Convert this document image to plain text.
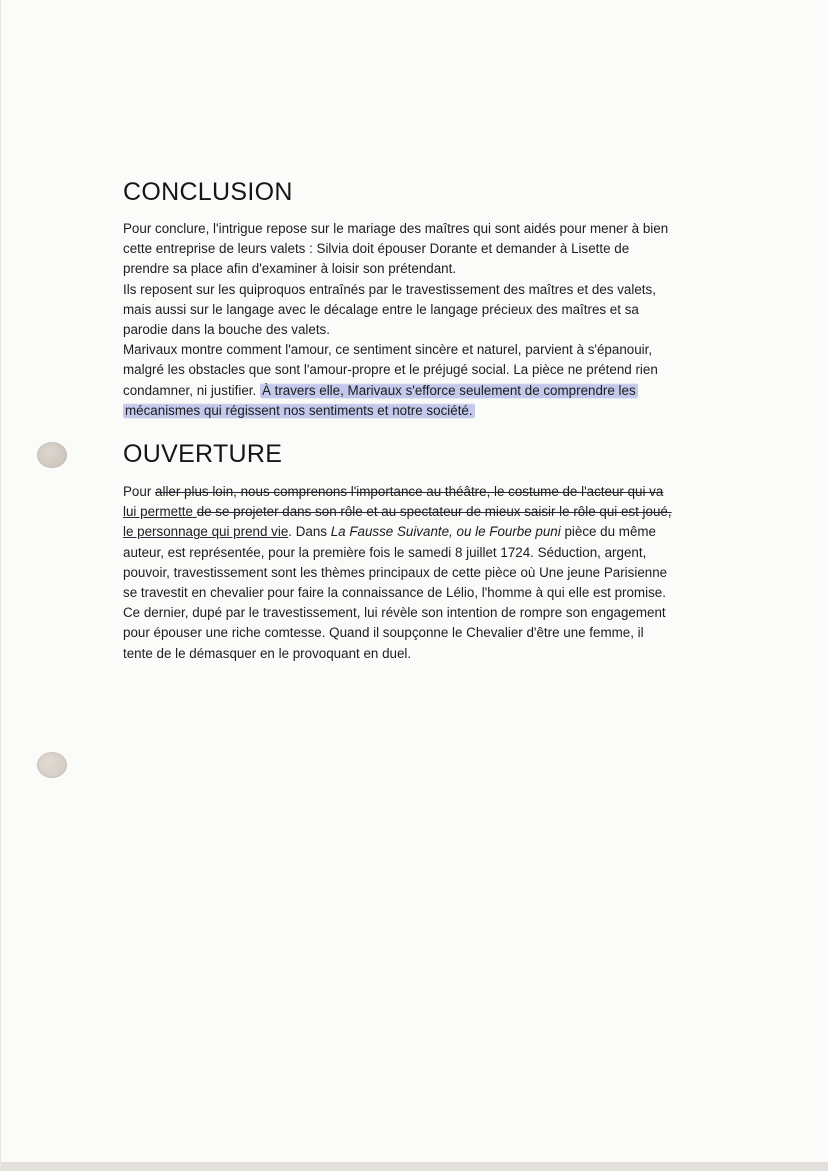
CONCLUSION
Pour conclure, l'intrigue repose sur le mariage des maîtres qui sont aidés pour mener à bien
cette entreprise de leurs valets : Silvia doit épouser Dorante et demander à Lisette de
prendre sa place afin d'examiner à loisir son prétendant.
Ils reposent sur les quiproquos entraînés par le travestissement des maîtres et des valets,
mais aussi sur le langage avec le décalage entre le langage précieux des maîtres et sa
parodie dans la bouche des valets.
Marivaux montre comment l'amour, ce sentiment sincère et naturel, parvient à s'épanouir,
malgré les obstacles que sont l'amour-propre et le préjugé social. La pièce ne prétend rien
condamner, ni justifier. À travers elle, Marivaux s'efforce seulement de comprendre les
mécanismes qui régissent nos sentiments et notre société.
OUVERTURE
Pour aller plus loin, nous comprenons l'importance au théâtre, le costume de l'acteur qui va
lui permette de se projeter dans son rôle et au spectateur de mieux saisir le rôle qui est joué,
le personnage qui prend vie. Dans La Fausse Suivante, ou le Fourbe puni pièce du même
auteur, est représentée, pour la première fois le samedi 8 juillet 1724. Séduction, argent,
pouvoir, travestissement sont les thèmes principaux de cette pièce où Une jeune Parisienne
se travestit en chevalier pour faire la connaissance de Lélio, l'homme à qui elle est promise.
Ce dernier, dupé par le travestissement, lui révèle son intention de rompre son engagement
pour épouser une riche comtesse. Quand il soupçonne le Chevalier d'être une femme, il
tente de le démasquer en le provoquant en duel.
